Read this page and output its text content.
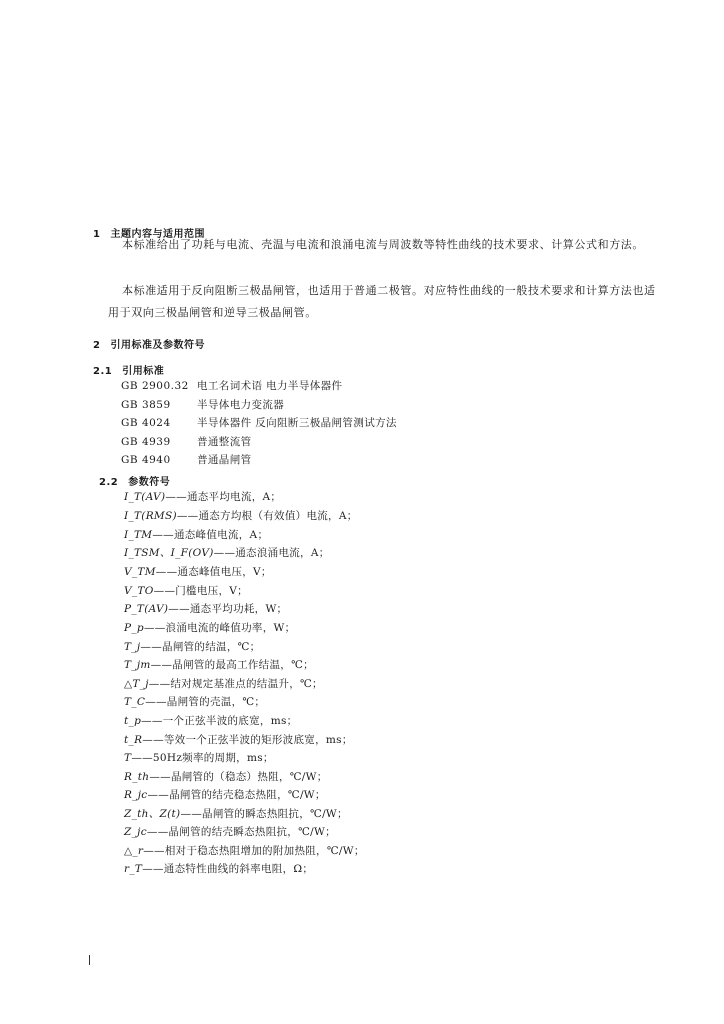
1 主题内容与适用范围

本标准给出了功耗与电流、壳温与电流和浪涌电流与周波数等特性曲线的技术要求、计算公式和方法。

本标准适用于反向阻断三极晶闸管，也适用于普通二极管。对应特性曲线的一般技术要求和计算方法也适用于双向三极晶闸管和逆导三极晶闸管。

2 引用标准及参数符号
2.1 引用标准
GB 2900.32 电工名词术语 电力半导体器件
GB 3859	半导体电力变流器
GB 4024	半导体器件 反向阻断三极晶闸管测试方法
GB 4939	普通整流管
GB 4940	普通晶闸管
2.2 参数符号
I_T(AV)——通态平均电流，A；
I_T(RMS)——通态方均根（有效值）电流，A；
I_TM——通态峰值电流，A；
I_TSM、I_F(OV)——通态浪涌电流，A；
V_TM——通态峰值电压，V；
V_TO——门槛电压，V；
P_T(AV)——通态平均功耗，W；
P_p——浪涌电流的峰值功率，W；
T_j——晶闸管的结温，℃；
T_jm——晶闸管的最高工作结温，℃；
△T_j——结对规定基准点的结温升，℃；
T_C——晶闸管的壳温，℃；
t_p——一个正弦半波的底宽，ms；
t_R——等效一个正弦半波的矩形波底宽，ms；
T——50Hz频率的周期，ms；
R_th——晶闸管的（稳态）热阻，℃/W；
R_jc——晶闸管的结壳稳态热阻，℃/W；
Z_th、Z(t)——晶闸管的瞬态热阻抗，℃/W；
Z_jc——晶闸管的结壳瞬态热阻抗，℃/W；
△_r——相对于稳态热阻增加的附加热阻，℃/W；
r_T——通态特性曲线的斜率电阻，Ω；
